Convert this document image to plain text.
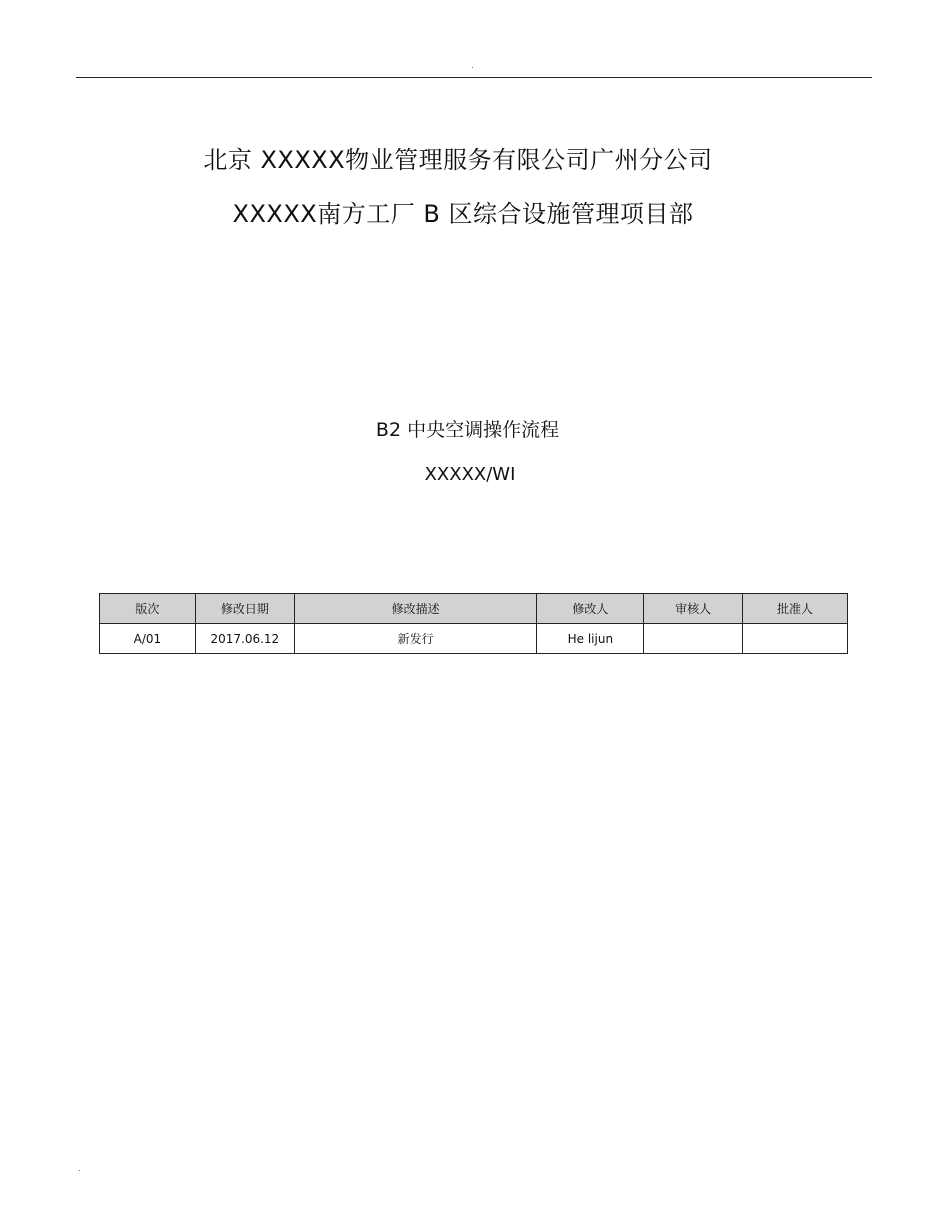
.
北京 XXXXX物业管理服务有限公司广州分公司
XXXXX南方工厂 B 区综合设施管理项目部
B2 中央空调操作流程
XXXXX/WI
版次	修改日期	修改描述	修改人	审核人	批准人
A/01	2017.06.12	新发行	He lijun		
.
